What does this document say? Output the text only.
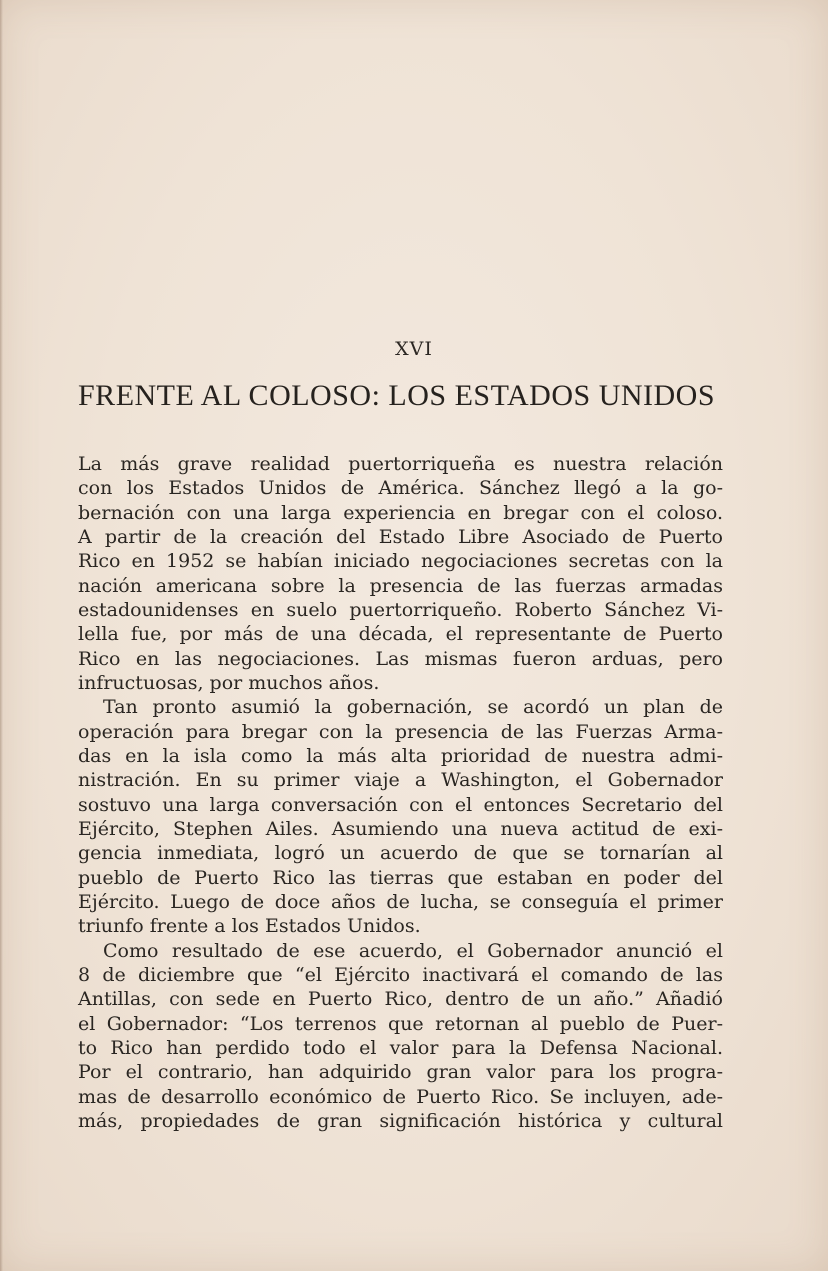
XVI
FRENTE AL COLOSO: LOS ESTADOS UNIDOS
La más grave realidad puertorriqueña es nuestra relación
con los Estados Unidos de América. Sánchez llegó a la go-
bernación con una larga experiencia en bregar con el coloso.
A partir de la creación del Estado Libre Asociado de Puerto
Rico en 1952 se habían iniciado negociaciones secretas con la
nación americana sobre la presencia de las fuerzas armadas
estadounidenses en suelo puertorriqueño. Roberto Sánchez Vi-
lella fue, por más de una década, el representante de Puerto
Rico en las negociaciones. Las mismas fueron arduas, pero
infructuosas, por muchos años.
Tan pronto asumió la gobernación, se acordó un plan de
operación para bregar con la presencia de las Fuerzas Arma-
das en la isla como la más alta prioridad de nuestra admi-
nistración. En su primer viaje a Washington, el Gobernador
sostuvo una larga conversación con el entonces Secretario del
Ejército, Stephen Ailes. Asumiendo una nueva actitud de exi-
gencia inmediata, logró un acuerdo de que se tornarían al
pueblo de Puerto Rico las tierras que estaban en poder del
Ejército. Luego de doce años de lucha, se conseguía el primer
triunfo frente a los Estados Unidos.
Como resultado de ese acuerdo, el Gobernador anunció el
8 de diciembre que “el Ejército inactivará el comando de las
Antillas, con sede en Puerto Rico, dentro de un año.” Añadió
el Gobernador: “Los terrenos que retornan al pueblo de Puer-
to Rico han perdido todo el valor para la Defensa Nacional.
Por el contrario, han adquirido gran valor para los progra-
mas de desarrollo económico de Puerto Rico. Se incluyen, ade-
más, propiedades de gran significación histórica y cultural
